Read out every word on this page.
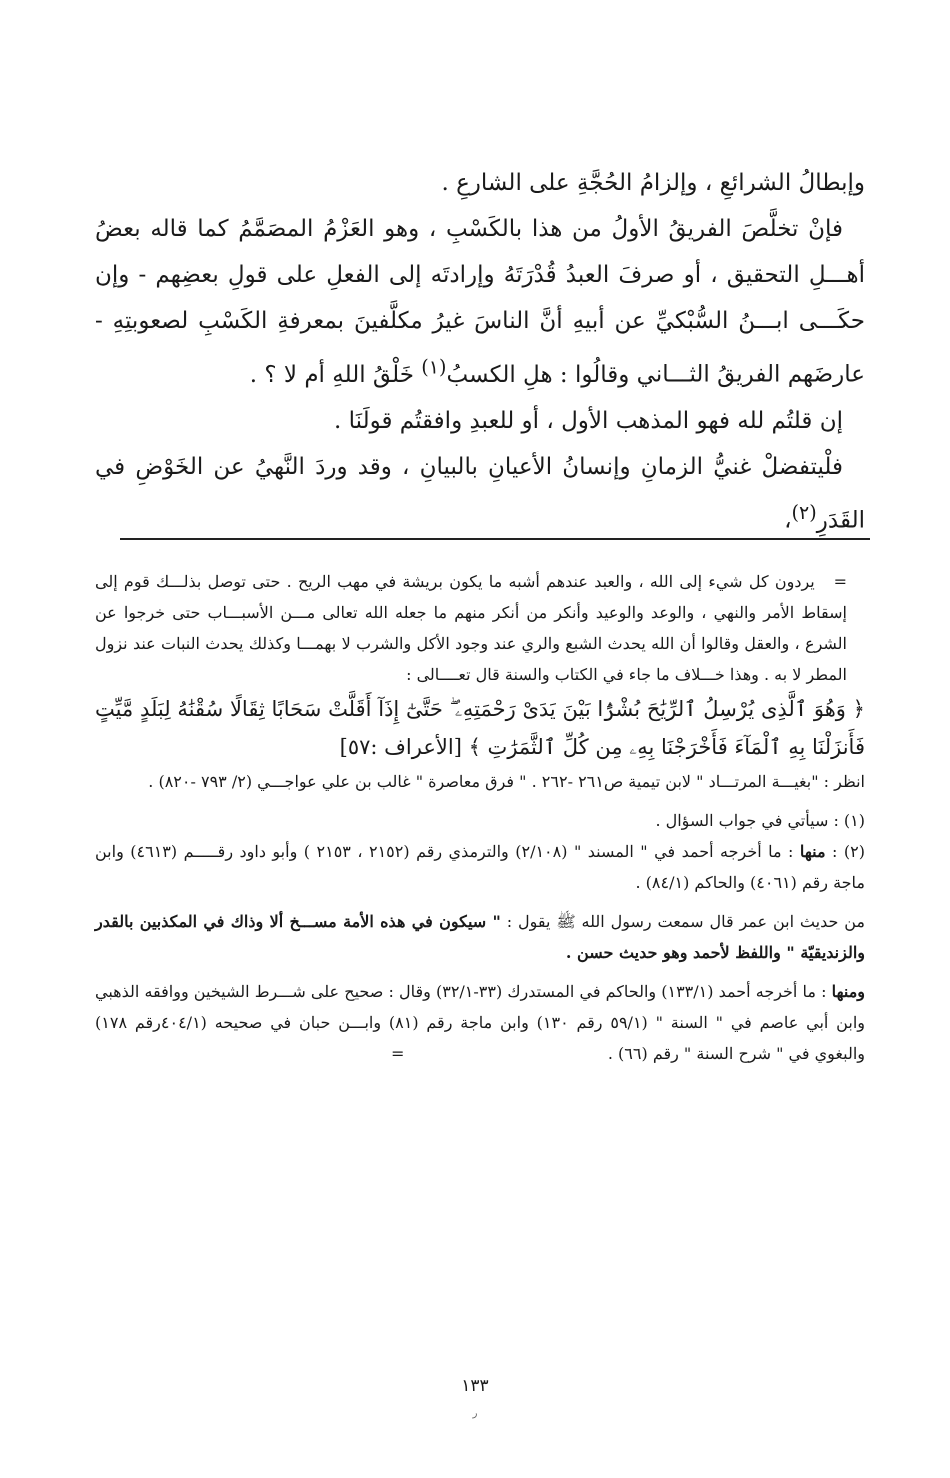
وإبطالُ الشرائعِ ، وإلزامُ الحُجَّةِ على الشارعِ .

فإنْ تخلَّصَ الفريقُ الأولُ من هذا بالكَسْبِ ، وهو العَزْمُ المصَمَّمُ كما قاله بعضُ أهـــلِ التحقيق ، أو صرفَ العبدُ قُدْرَتَهُ وإرادتَه إلى الفعلِ على قولِ بعضِهم - وإن حكَـــى ابـــنُ السُّبْكيِّ عن أبيهِ أنَّ الناسَ غيرُ مكلَّفينَ بمعرفةِ الكَسْبِ لصعوبتِهِ - عارضَهم الفريقُ الثـــاني وقالُوا : هلِ الكسبُ$^{(١)}$ خَلْقُ اللهِ أم لا ؟ .

إن قلتُم لله فهو المذهب الأول ، أو للعبدِ وافقتُم قولَنَا .

فلْيتفضلْ غنيُّ الزمانِ وإنسانُ الأعيانِ بالبيانِ ، وقد وردَ النَّهيُ عن الخَوْضِ في القَدَرِ$^{(٢)}$،

=   يردون كل شيء إلى الله ، والعبد عندهم أشبه ما يكون بريشة في مهب الريح . حتى توصل بذلـــك قوم إلى إسقاط الأمر والنهي ، والوعد والوعيد وأنكر من أنكر منهم ما جعله الله تعالى مـــن الأسبـــاب حتى خرجوا عن الشرع ، والعقل وقالوا أن الله يحدث الشبع والري عند وجود الأكل والشرب لا بهمـــا وكذلك يحدث النبات عند نزول المطر لا به . وهذا خـــلاف ما جاء في الكتاب والسنة قال تعــــالى :

﴿ وَهُوَ ٱلَّذِى يُرْسِلُ ٱلرِّيَٰحَ بُشْرًۢا بَيْنَ يَدَىْ رَحْمَتِهِۦ ۖ حَتَّىٰٓ إِذَآ أَقَلَّتْ سَحَابًا ثِقَالًا سُقْنَٰهُ لِبَلَدٍ مَّيِّتٍ فَأَنزَلْنَا بِهِ ٱلْمَآءَ فَأَخْرَجْنَا بِهِۦ مِن كُلِّ ٱلثَّمَرَٰتِ ﴾ [الأعراف :٥٧]

انظر : "بغيـــة المرتـــاد " لابن تيمية ص٢٦١ -٢٦٢ . " فرق معاصرة " غالب بن علي عواجـــي (٢/ ٧٩٣ -٨٢٠) .

(١) : سيأتي في جواب السؤال .

(٢) : منها : ما أخرجه أحمد في " المسند " (٢/١٠٨) والترمذي رقم (٢١٥٢ ، ٢١٥٣ ) وأبو داود رقـــــم (٤٦١٣) وابن ماجة رقم (٤٠٦١) والحاكم (٨٤/١) .

من حديث ابن عمر قال سمعت رسول الله ﷺ يقول : " سيكون في هذه الأمة مســـخ ألا وذاك في المكذبين بالقدر والزنديقيّة " واللفظ لأحمد وهو حديث حسن .

ومنها : ما أخرجه أحمد (١٣٣/١) والحاكم في المستدرك (٣٣-٣٢/١) وقال : صحيح على شـــرط الشيخين ووافقه الذهبي وابن أبي عاصم في " السنة " (٥٩/١ رقم ١٣٠) وابن ماجة رقم (٨١) وابـــن حبان في صحيحه (٤٠٤/١رقم ١٧٨) والبغوي في " شرح السنة " رقم (٦٦) .                                        =

١٣٣
ر
